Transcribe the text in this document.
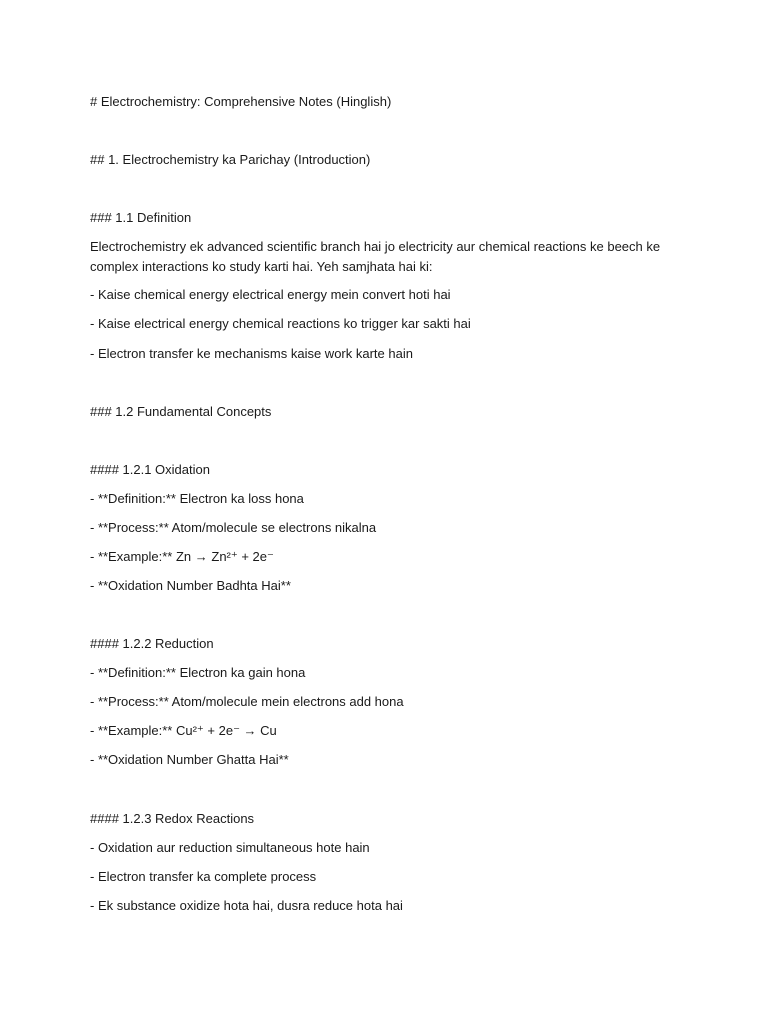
# Electrochemistry: Comprehensive Notes (Hinglish)

## 1. Electrochemistry ka Parichay (Introduction)

### 1.1 Definition

Electrochemistry ek advanced scientific branch hai jo electricity aur chemical reactions ke beech ke

complex interactions ko study karti hai. Yeh samjhata hai ki:

- Kaise chemical energy electrical energy mein convert hoti hai

- Kaise electrical energy chemical reactions ko trigger kar sakti hai

- Electron transfer ke mechanisms kaise work karte hain

### 1.2 Fundamental Concepts

#### 1.2.1 Oxidation

- **Definition:** Electron ka loss hona

- **Process:** Atom/molecule se electrons nikalna

- **Example:** Zn → Zn²⁺ + 2e⁻

- **Oxidation Number Badhta Hai**

#### 1.2.2 Reduction

- **Definition:** Electron ka gain hona

- **Process:** Atom/molecule mein electrons add hona

- **Example:** Cu²⁺ + 2e⁻ → Cu

- **Oxidation Number Ghatta Hai**

#### 1.2.3 Redox Reactions

- Oxidation aur reduction simultaneous hote hain

- Electron transfer ka complete process

- Ek substance oxidize hota hai, dusra reduce hota hai
